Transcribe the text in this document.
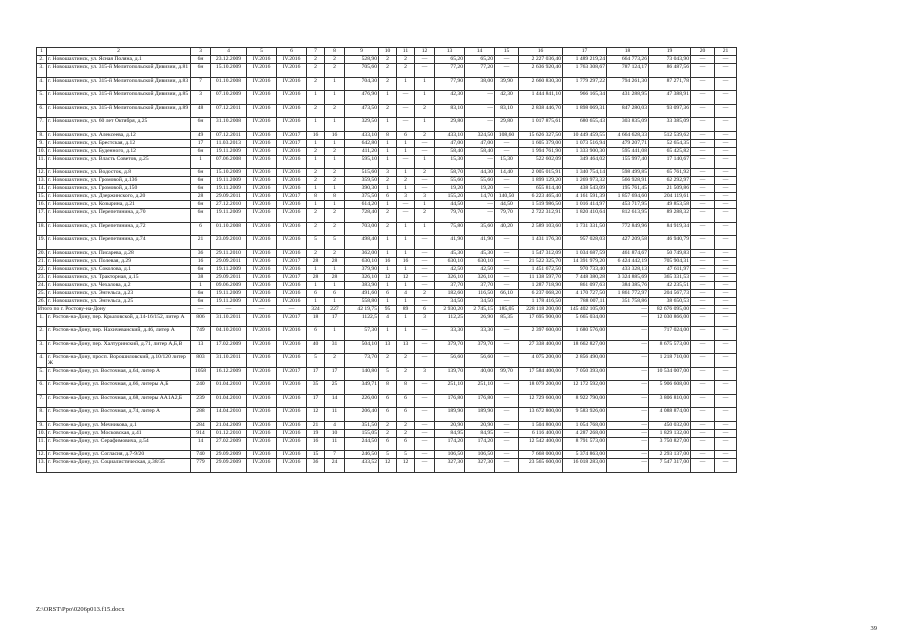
1	2	3	4	5	6	7	8	9	10	11	12	13	14	15	16	17	18	19	20	21
2.	г. Новошахтинск, ул. Ясная Поляна, д.1	6н	23.12.2009	IV.2016	IV.2016	2	2	528,90	2	2	—	65,20	65,20	—	2 227 036,40	1 489 219,24	664 773,26	73 043,90	—	—
3.	г. Новошахтинск, ул. 315-й Мелитопольской Дивизии, д.81	6н	15.10.2009	IV.2016	IV.2016	2	2	705,60	2	2	—	77,20	77,20	—	2 636 920,40	1 763 308,67	787 124,17	86 487,56	—	—
4.	г. Новошахтинск, ул. 315-й Мелитопольской Дивизии, д.83	7	01.10.2008	IV.2016	IV.2016	2	1	704,30	2	1	1	77,90	38,00	39,90	2 660 830,30	1 779 297,22	794 261,30	87 271,78	—	—
5.	г. Новошахтинск, ул. 315-й Мелитопольской Дивизии, д.85	3	07.10.2009	IV.2016	IV.2016	1	1	476,90	1	—	1	42,30	—	42,30	1 444 841,10	966 165,34	431 288,95	47 388,91	—	—
6.	г. Новошахтинск, ул. 315-й Мелитопольской Дивизии, д.89	48	07.12.2011	IV.2016	IV.2016	2	2	473,50	2	—	2	83,10	—	83,10	2 838 446,70	1 898 069,31	847 280,03	93 097,36	—	—
7.	г. Новошахтинск, ул. 60 лет Октября, д.25	6н	31.10.2008	IV.2016	IV.2016	1	1	329,50	1	—	1	29,80	—	29,80	1 017 875,61	680 655,43	303 835,09	33 385,09	—	—
8.	г. Новошахтинск, ул. Алексеева, д.12	49	07.12.2011	IV.2016	IV.2017	16	16	433,10	8	6	2	433,10	324,50	108,60	15 626 327,50	10 449 459,55	4 664 628,33	512 539,62	—	—
9.	г. Новошахтинск, ул. Брестская, д.12	17	11.03.2013	IV.2016	IV.2017	1	1	642,80	1	1	—	47,00	47,00	—	1 605 379,00	1 073 516,94	479 207,71	52 654,35	—	—
10.	г. Новошахтинск, ул. Буденного, д.12	6н	19.11.2009	IV.2016	IV.2016	2	2	411,20	1	1	—	58,40	58,40	—	1 994 761,90	1 333 900,30	595 441,08	65 425,82	—	—
11.	г. Новошахтинск, ул. Власть Советов, д.25	1	07.06.2008	IV.2016	IV.2016	1	1	595,10	1	—	1	15,30	—	15,30	522 602,09	349 464,02	155 997,40	17 140,67	—	—
12.	г. Новошахтинск, ул. Водосток, д.8	6н	15.10.2009	IV.2016	IV.2016	2	2	515,60	3	1	2	58,70	44,30	14,40	2 005 015,91	1 340 754,14	598 499,85	65 761,92	—	—
13.	г. Новошахтинск, ул. Громовой, д.136	6н	19.11.2009	IV.2016	IV.2016	2	2	359,50	2	2	—	55,60	55,60	—	1 899 129,20	1 269 973,32	566 928,91	62 292,97	—	—
14.	г. Новошахтинск, ул. Громовой, д.150	6н	19.11.2009	IV.2016	IV.2016	1	1	390,30	1	1	—	19,20	19,20	—	655 814,40	438 543,09	195 761,45	21 509,86	—	—
15.	г. Новошахтинск, ул. Дзержинского, д.20	28	29.09.2011	IV.2016	IV.2017	8	8	375,50	6	3	3	155,20	14,70	140,50	6 223 465,40	4 161 591,39	1 857 694,60	204 119,61	—	—
16.	г. Новошахтинск, ул. Козырина, д.21	6н	27.12.2010	IV.2016	IV.2016	1	1	614,20	1	—	1	44,50	—	44,50	1 519 986,50	1 016 414,97	453 717,95	49 853,58	—	—
17.	г. Новошахтинск, ул. Перепетинина, д.70	6н	19.11.2009	IV.2016	IV.2016	2	2	728,40	2	—	2	79,70	—	79,70	2 722 312,91	1 820 410,64	812 613,95	89 288,32	—	—
18.	г. Новошахтинск, ул. Перепетинина, д.72	6	01.10.2008	IV.2016	IV.2016	2	2	703,00	2	1	1	75,80	35,60	40,20	2 589 103,60	1 731 331,50	772 849,96	84 919,34	—	—
19.	г. Новошахтинск, ул. Перепетинина, д.74	21	23.09.2010	IV.2016	IV.2016	5	5	498,40	1	1	—	41,90	41,90	—	1 431 176,30	957 028,03	427 209,58	46 940,79	—	—
20.	г. Новошахтинск, ул. Писарева, д.28	36	29.11.2010	IV.2016	IV.2016	2	2	362,00	1	1	—	45,30	45,30	—	1 547 312,09	1 034 687,59	461 874,67	50 749,83	—	—
21.	г. Новошахтинск, ул. Полевая, д.29	16	29.09.2011	IV.2016	IV.2017	28	28	630,10	16	16	—	630,10	630,10	—	21 522 325,70	14 391 979,20	6 424 442,19	705 904,31	—	—
22.	г. Новошахтинск, ул. Соколова, д.1	6н	19.11.2009	IV.2016	IV.2016	1	1	379,90	1	1	—	42,50	42,50	—	1 451 672,50	970 733,40	433 328,13	47 611,97	—	—
23.	г. Новошахтинск, ул. Тракторная, д.15	38	29.09.2011	IV.2016	IV.2017	28	28	326,10	12	12	—	326,10	326,10	—	11 138 597,70	7 448 380,28	3 324 885,69	365 331,53	—	—
24.	г. Новошахтинск, ул. Чехалова, д.2	1	09.06.2009	IV.2016	IV.2016	1	1	383,90	1	1	—	37,70	37,70	—	1 287 718,90	861 097,63	384 385,76	42 235,51	—	—
25.	г. Новошахтинск, ул. Энгельса, д.23	6н	19.11.2009	IV.2016	IV.2016	6	6	491,60	6	4	2	182,60	116,50	66,10	6 237 068,20	4 170 727,50	1 861 772,97	204 567,73	—	—
26.	г. Новошахтинск, ул. Энгельса, д.25	6н	19.11.2009	IV.2016	IV.2016	1	1	558,80	1	1	—	34,50	34,50	—	1 178 416,50	788 007,11	351 758,86	38 650,53	—	—
Итого по г. Ростову-на-Дону		—	—	—	—	324	227	42 19,75	95	89	6	2 930,20	2 745,15	185,05	228 118 200,00	145 402 105,00	—	82 676 095,00	—	—
1.	г. Ростов-на-Дону, пер. Крыловской, д.14-16/152, литер А	806	31.10.2011	IV.2016	IV.2017	18	17	1122,5	4	1	3	112,25	26,90	85,35	17 695 900,00	5 665 034,00	—	12 030 866,00	—	—
2.	г. Ростов-на-Дону, пер. Нахичеванский, д.46, литер А	749	04.10.2010	IV.2016	IV.2016	6	1	57,30	1	1	—	33,30	33,30	—	2 397 600,00	1 680 576,00	—	717 024,00	—	—
3.	г. Ростов-на-Дону, пер. Халтуринский, д.71, литер А,Б,В	13	17.02.2009	IV.2016	IV.2016	40	31	504,10	13	13	—	379,70	379,70	—	27 338 400,00	18 662 827,00	—	8 675 573,00	—	—
4.	г. Ростов-на-Дону, просп. Ворошиловский, д.10/120 литер Ж	803	31.10.2011	IV.2016	IV.2016	5	2	73,70	2	2	—	56,60	56,60	—	4 075 200,00	2 856 490,00	—	1 218 710,00	—	—
5.	г. Ростов-на-Дону, ул. Восточная, д.64, литер А	1058	16.12.2009	IV.2016	IV.2017	17	17	140,80	5	2	3	139,70	40,00	99,70	17 584 400,00	7 050 393,00	—	10 534 007,00	—	—
6.	г. Ростов-на-Дону, ул. Восточная, д.66, литеры А,Б	240	01.04.2010	IV.2016	IV.2016	35	25	349,71	8	8	—	251,10	251,10	—	18 079 200,00	12 172 592,00	—	5 906 608,00	—	—
7.	г. Ростов-на-Дону, ул. Восточная, д.68, литеры АА1А2,Б	239	01.04.2010	IV.2016	IV.2016	17	14	226,00	6	6	—	176,80	176,80	—	12 729 600,00	8 922 790,00	—	3 806 810,00	—	—
8.	г. Ростов-на-Дону, ул. Восточная, д.74, литер А	288	14.04.2010	IV.2016	IV.2016	12	11	206,40	6	6	—	189,90	189,90	—	13 672 800,00	9 583 926,00	—	4 088 874,00	—	—
9.	г. Ростов-на-Дону, ул. Мечникова, д.1	284	21.04.2009	IV.2016	IV.2016	21	4	351,50	2	2	—	20,90	20,90	—	1 504 800,00	1 054 768,00	—	450 032,00	—	—
10.	г. Ростов-на-Дону, ул. Московская, д.41	914	01.12.2010	IV.2016	IV.2016	19	10	155,05	2	2	—	84,95	84,95	—	6 116 400,00	4 287 268,00	—	1 829 132,00	—	—
11.	г. Ростов-на-Дону, ул. Серафимовича, д.54	14	27.02.2009	IV.2016	IV.2016	16	11	244,50	6	6	—	174,20	174,20	—	12 542 400,00	8 791 573,00	—	3 750 827,00	—	—
12.	г. Ростов-на-Дону, ул. Согласия, д.7-9/20	740	29.09.2009	IV.2016	IV.2016	15	7	246,50	5	5	—	106,50	106,50	—	7 668 000,00	5 374 863,00	—	2 293 137,00	—	—
13.	г. Ростов-на-Дону, ул. Социалистическая, д.38/35	779	29.09.2009	IV.2016	IV.2016	36	24	433,52	12	12	—	327,30	327,30	—	23 565 600,00	16 018 283,00	—	7 547 317,00	—	—
Z:\ORST\Ppo\0206p013.f15.docx
39
